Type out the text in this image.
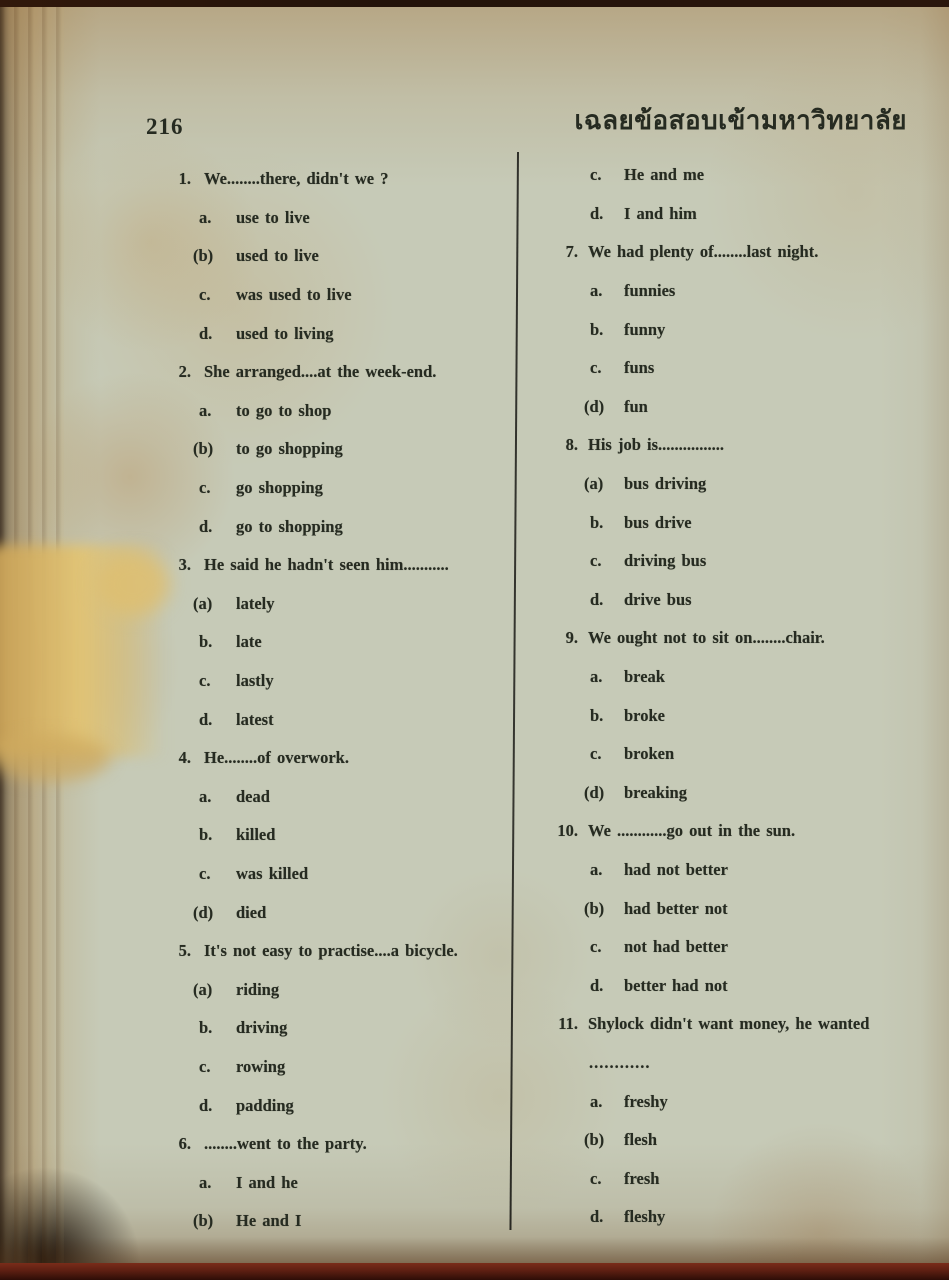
216	เฉลยข้อสอบเข้ามหาวิทยาลัย
1. We........there, didn't we ?
a.	use to live
(b)	used to live
c.	was used to live
d.	used to living
2. She arranged....at the week-end.
a.	to go to shop
(b)	to go shopping
c.	go shopping
d.	go to shopping
3. He said he hadn't seen him...........
(a)	lately
b.	late
c.	lastly
d.	latest
4. He........of overwork.
a.	dead
b.	killed
c.	was killed
(d)	died
5. It's not easy to practise....a bicycle.
(a)	riding
b.	driving
c.	rowing
d.	padding
6. ........went to the party.
a.	I and he
(b)	He and I
c.	He and me
d.	I and him
7. We had plenty of........last night.
a.	funnies
b.	funny
c.	funs
(d)	fun
8. His job is................
(a)	bus driving
b.	bus drive
c.	driving bus
d.	drive bus
9. We ought not to sit on........chair.
a.	break
b.	broke
c.	broken
(d)	breaking
10. We ............go out in the sun.
a.	had not better
(b)	had better not
c.	not had better
d.	better had not
11. Shylock didn't want money, he wanted
............
a.	freshy
(b)	flesh
c.	fresh
d.	fleshy
